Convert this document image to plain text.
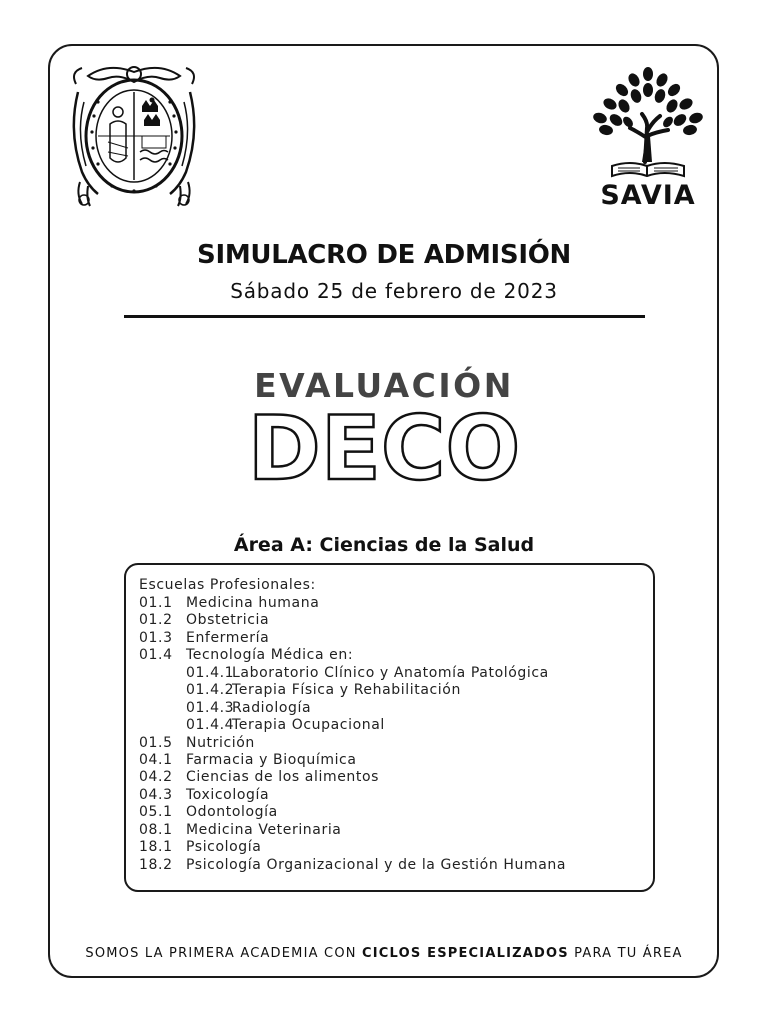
SAVIA
SIMULACRO DE ADMISIÓN
Sábado 25 de febrero de 2023
EVALUACIÓN
DECO
Área A: Ciencias de la Salud
Escuelas Profesionales:
01.1 Medicina humana
01.2 Obstetricia
01.3 Enfermería
01.4 Tecnología Médica en:
01.4.1Laboratorio Clínico y Anatomía Patológica
01.4.2Terapia Física y Rehabilitación
01.4.3Radiología
01.4.4Terapia Ocupacional
01.5 Nutrición
04.1 Farmacia y Bioquímica
04.2 Ciencias de los alimentos
04.3 Toxicología
05.1 Odontología
08.1 Medicina Veterinaria
18.1 Psicología
18.2 Psicología Organizacional y de la Gestión Humana
SOMOS LA PRIMERA ACADEMIA CON CICLOS ESPECIALIZADOS PARA TU ÁREA
